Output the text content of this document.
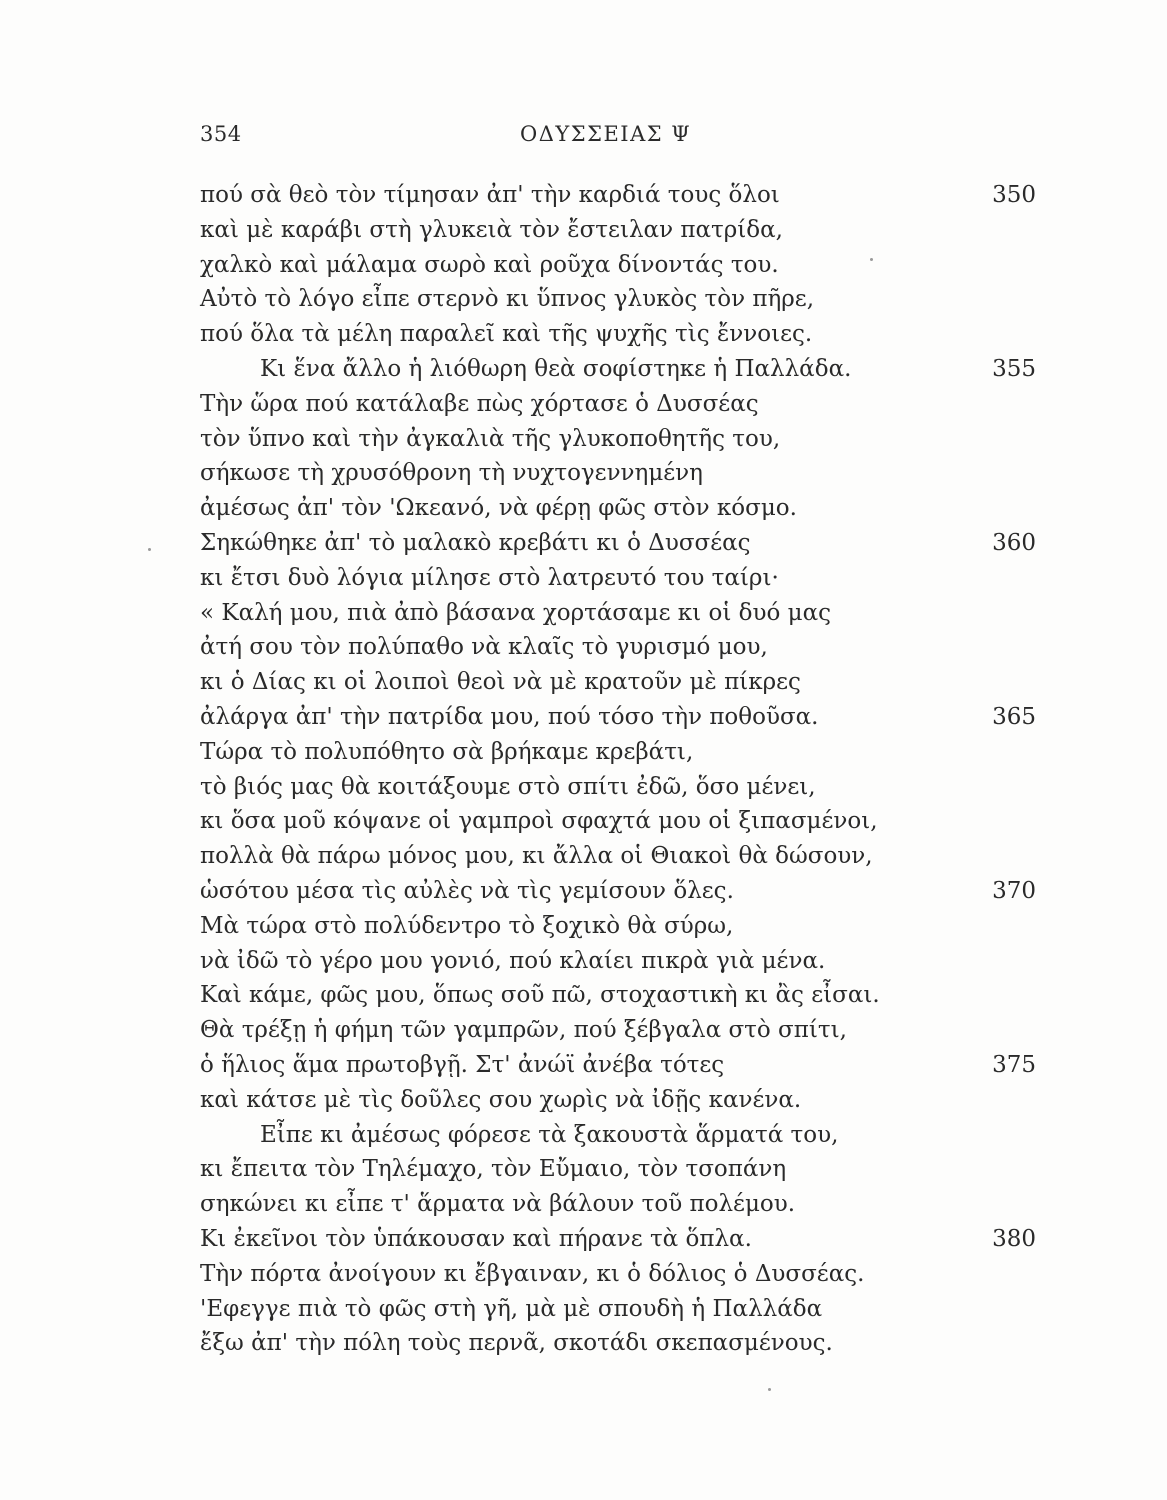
354	ΟΔΥΣΣΕΙΑΣ Ψ
πού σὰ θεὸ τὸν τίμησαν ἀπ' τὴν καρδιά τους ὅλοι	350
καὶ μὲ καράβι στὴ γλυκειὰ τὸν ἔστειλαν πατρίδα,
χαλκὸ καὶ μάλαμα σωρὸ καὶ ροῦχα δίνοντάς του.
Αὐτὸ τὸ λόγο εἶπε στερνὸ κι ὕπνος γλυκὸς τὸν πῆρε,
πού ὅλα τὰ μέλη παραλεῖ καὶ τῆς ψυχῆς τὶς ἔννοιες.
Κι ἕνα ἄλλο ἡ λιόθωρη θεὰ σοφίστηκε ἡ Παλλάδα.	355
Τὴν ὥρα πού κατάλαβε πὼς χόρτασε ὁ Δυσσέας
τὸν ὕπνο καὶ τὴν ἀγκαλιὰ τῆς γλυκοποθητῆς του,
σήκωσε τὴ χρυσόθρονη τὴ νυχτογεννημένη
ἀμέσως ἀπ' τὸν 'Ωκεανό, νὰ φέρῃ φῶς στὸν κόσμο.
Σηκώθηκε ἀπ' τὸ μαλακὸ κρεβάτι κι ὁ Δυσσέας	360
κι ἔτσι δυὸ λόγια μίλησε στὸ λατρευτό του ταίρι·
« Καλή μου, πιὰ ἀπὸ βάσανα χορτάσαμε κι οἱ δυό μας
ἀτή σου τὸν πολύπαθο νὰ κλαῖς τὸ γυρισμό μου,
κι ὁ Δίας κι οἱ λοιποὶ θεοὶ νὰ μὲ κρατοῦν μὲ πίκρες
ἀλάργα ἀπ' τὴν πατρίδα μου, πού τόσο τὴν ποθοῦσα.	365
Τώρα τὸ πολυπόθητο σὰ βρήκαμε κρεβάτι,
τὸ βιός μας θὰ κοιτάξουμε στὸ σπίτι ἐδῶ, ὅσο μένει,
κι ὅσα μοῦ κόψανε οἱ γαμπροὶ σφαχτά μου οἱ ξιπασμένοι,
πολλὰ θὰ πάρω μόνος μου, κι ἄλλα οἱ Θιακοὶ θὰ δώσουν,
ὡσότου μέσα τὶς αὐλὲς νὰ τὶς γεμίσουν ὅλες.	370
Μὰ τώρα στὸ πολύδεντρο τὸ ξοχικὸ θὰ σύρω,
νὰ ἰδῶ τὸ γέρο μου γονιό, πού κλαίει πικρὰ γιὰ μένα.
Καὶ κάμε, φῶς μου, ὅπως σοῦ πῶ, στοχαστικὴ κι ἂς εἶσαι.
Θὰ τρέξῃ ἡ φήμη τῶν γαμπρῶν, πού ξέβγαλα στὸ σπίτι,
ὁ ἥλιος ἅμα πρωτοβγῇ. Στ' ἀνώϊ ἀνέβα τότες	375
καὶ κάτσε μὲ τὶς δοῦλες σου χωρὶς νὰ ἰδῇς κανένα.
Εἶπε κι ἀμέσως φόρεσε τὰ ξακουστὰ ἅρματά του,
κι ἔπειτα τὸν Τηλέμαχο, τὸν Εὔμαιο, τὸν τσοπάνη
σηκώνει κι εἶπε τ' ἅρματα νὰ βάλουν τοῦ πολέμου.
Κι ἐκεῖνοι τὸν ὑπάκουσαν καὶ πήρανε τὰ ὅπλα.	380
Τὴν πόρτα ἀνοίγουν κι ἔβγαιναν, κι ὁ δόλιος ὁ Δυσσέας.
'Εφεγγε πιὰ τὸ φῶς στὴ γῆ, μὰ μὲ σπουδὴ ἡ Παλλάδα
ἔξω ἀπ' τὴν πόλη τοὺς περνᾶ, σκοτάδι σκεπασμένους.
